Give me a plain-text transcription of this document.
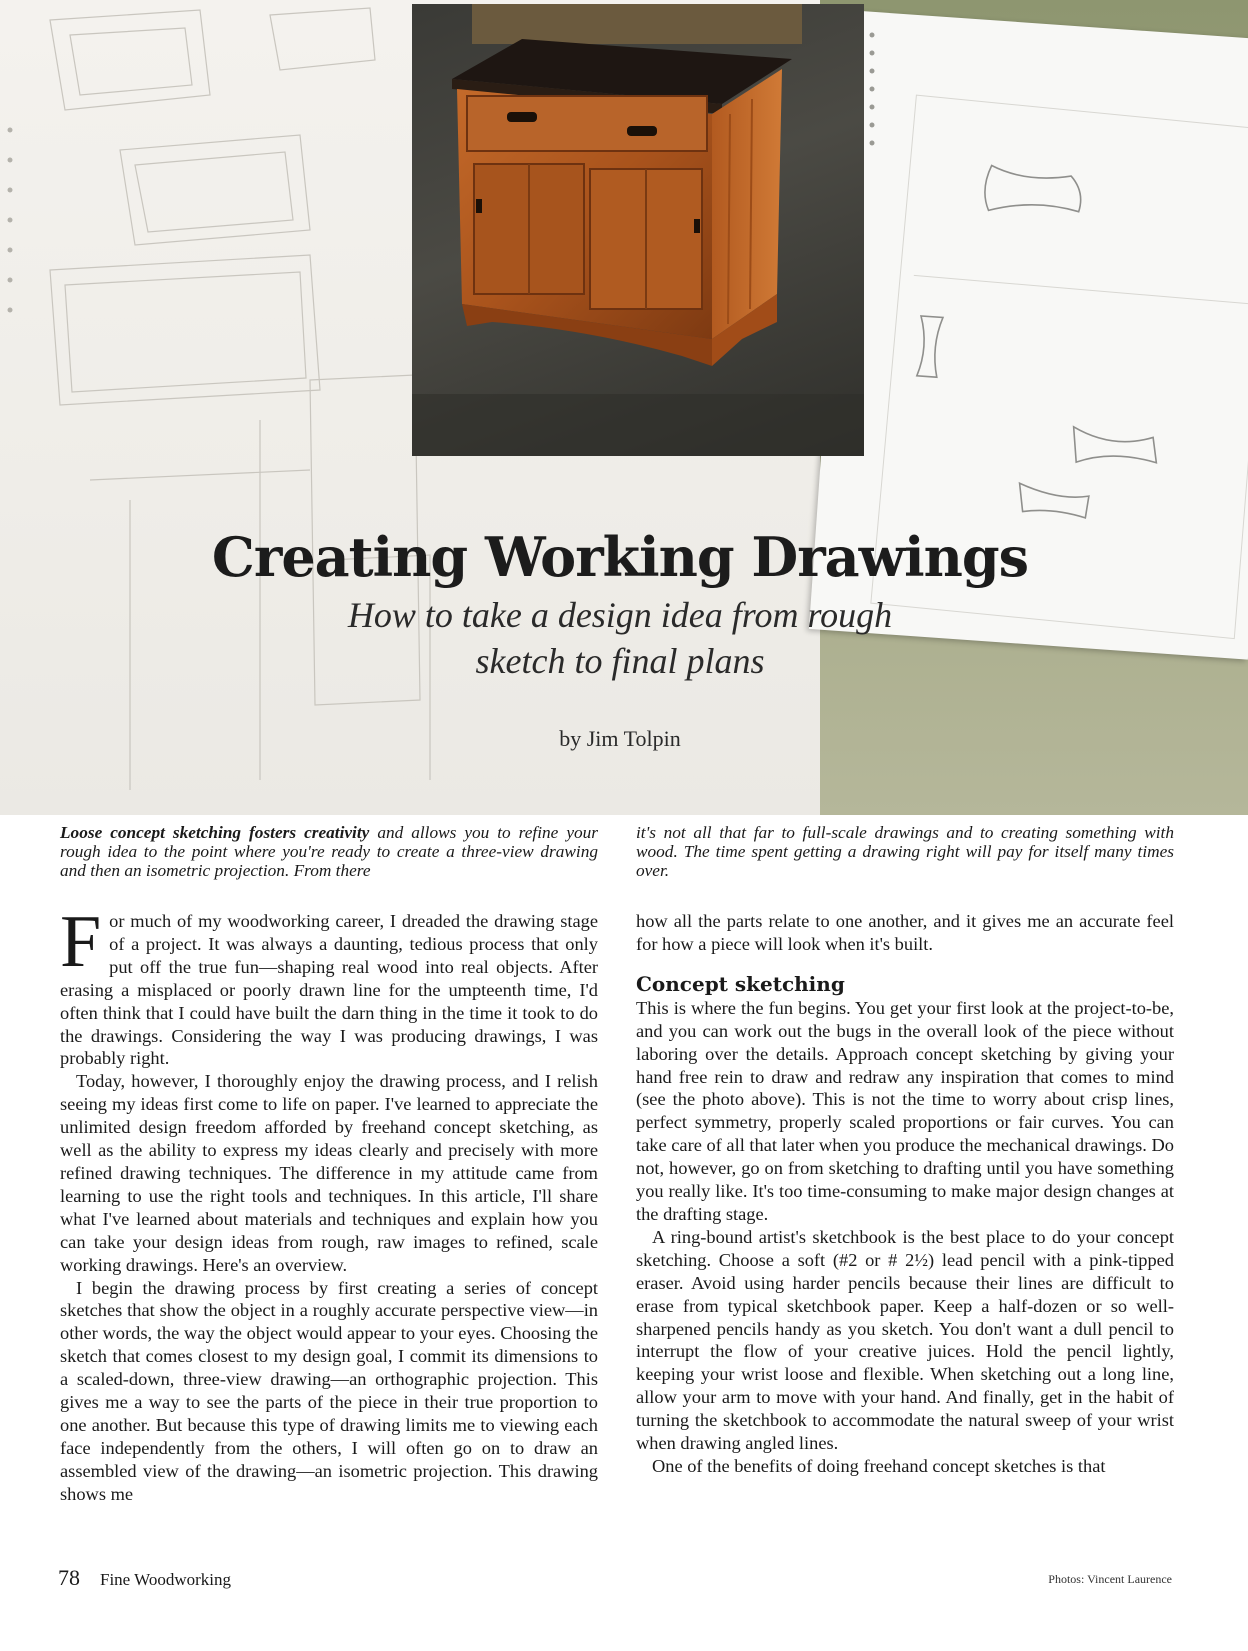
Creating Working Drawings
How to take a design idea from rough
sketch to final plans
by Jim Tolpin

Loose concept sketching fosters creativity and allows you to refine your rough idea to the point where you're ready to create a three-view drawing and then an isometric projection. From there

it's not all that far to full-scale drawings and to creating something with wood. The time spent getting a drawing right will pay for itself many times over.

For much of my woodworking career, I dreaded the drawing stage of a project. It was always a daunting, tedious process that only put off the true fun—shaping real wood into real objects. After erasing a misplaced or poorly drawn line for the umpteenth time, I'd often think that I could have built the darn thing in the time it took to do the drawings. Considering the way I was producing drawings, I was probably right.

Today, however, I thoroughly enjoy the drawing process, and I relish seeing my ideas first come to life on paper. I've learned to appreciate the unlimited design freedom afforded by freehand concept sketching, as well as the ability to express my ideas clearly and precisely with more refined drawing techniques. The difference in my attitude came from learning to use the right tools and techniques. In this article, I'll share what I've learned about materials and techniques and explain how you can take your design ideas from rough, raw images to refined, scale working drawings. Here's an overview.

I begin the drawing process by first creating a series of concept sketches that show the object in a roughly accurate perspective view—in other words, the way the object would appear to your eyes. Choosing the sketch that comes closest to my design goal, I commit its dimensions to a scaled-down, three-view drawing—an orthographic projection. This gives me a way to see the parts of the piece in their true proportion to one another. But because this type of drawing limits me to viewing each face independently from the others, I will often go on to draw an assembled view of the drawing—an isometric projection. This drawing shows me

how all the parts relate to one another, and it gives me an accurate feel for how a piece will look when it's built.

Concept sketching

This is where the fun begins. You get your first look at the project-to-be, and you can work out the bugs in the overall look of the piece without laboring over the details. Approach concept sketching by giving your hand free rein to draw and redraw any inspiration that comes to mind (see the photo above). This is not the time to worry about crisp lines, perfect symmetry, properly scaled proportions or fair curves. You can take care of all that later when you produce the mechanical drawings. Do not, however, go on from sketching to drafting until you have something you really like. It's too time-consuming to make major design changes at the drafting stage.

A ring-bound artist's sketchbook is the best place to do your concept sketching. Choose a soft (#2 or # 2½) lead pencil with a pink-tipped eraser. Avoid using harder pencils because their lines are difficult to erase from typical sketchbook paper. Keep a half-dozen or so well-sharpened pencils handy as you sketch. You don't want a dull pencil to interrupt the flow of your creative juices. Hold the pencil lightly, keeping your wrist loose and flexible. When sketching out a long line, allow your arm to move with your hand. And finally, get in the habit of turning the sketchbook to accommodate the natural sweep of your wrist when drawing angled lines.

One of the benefits of doing freehand concept sketches is that

78 Fine Woodworking	Photos: Vincent Laurence
